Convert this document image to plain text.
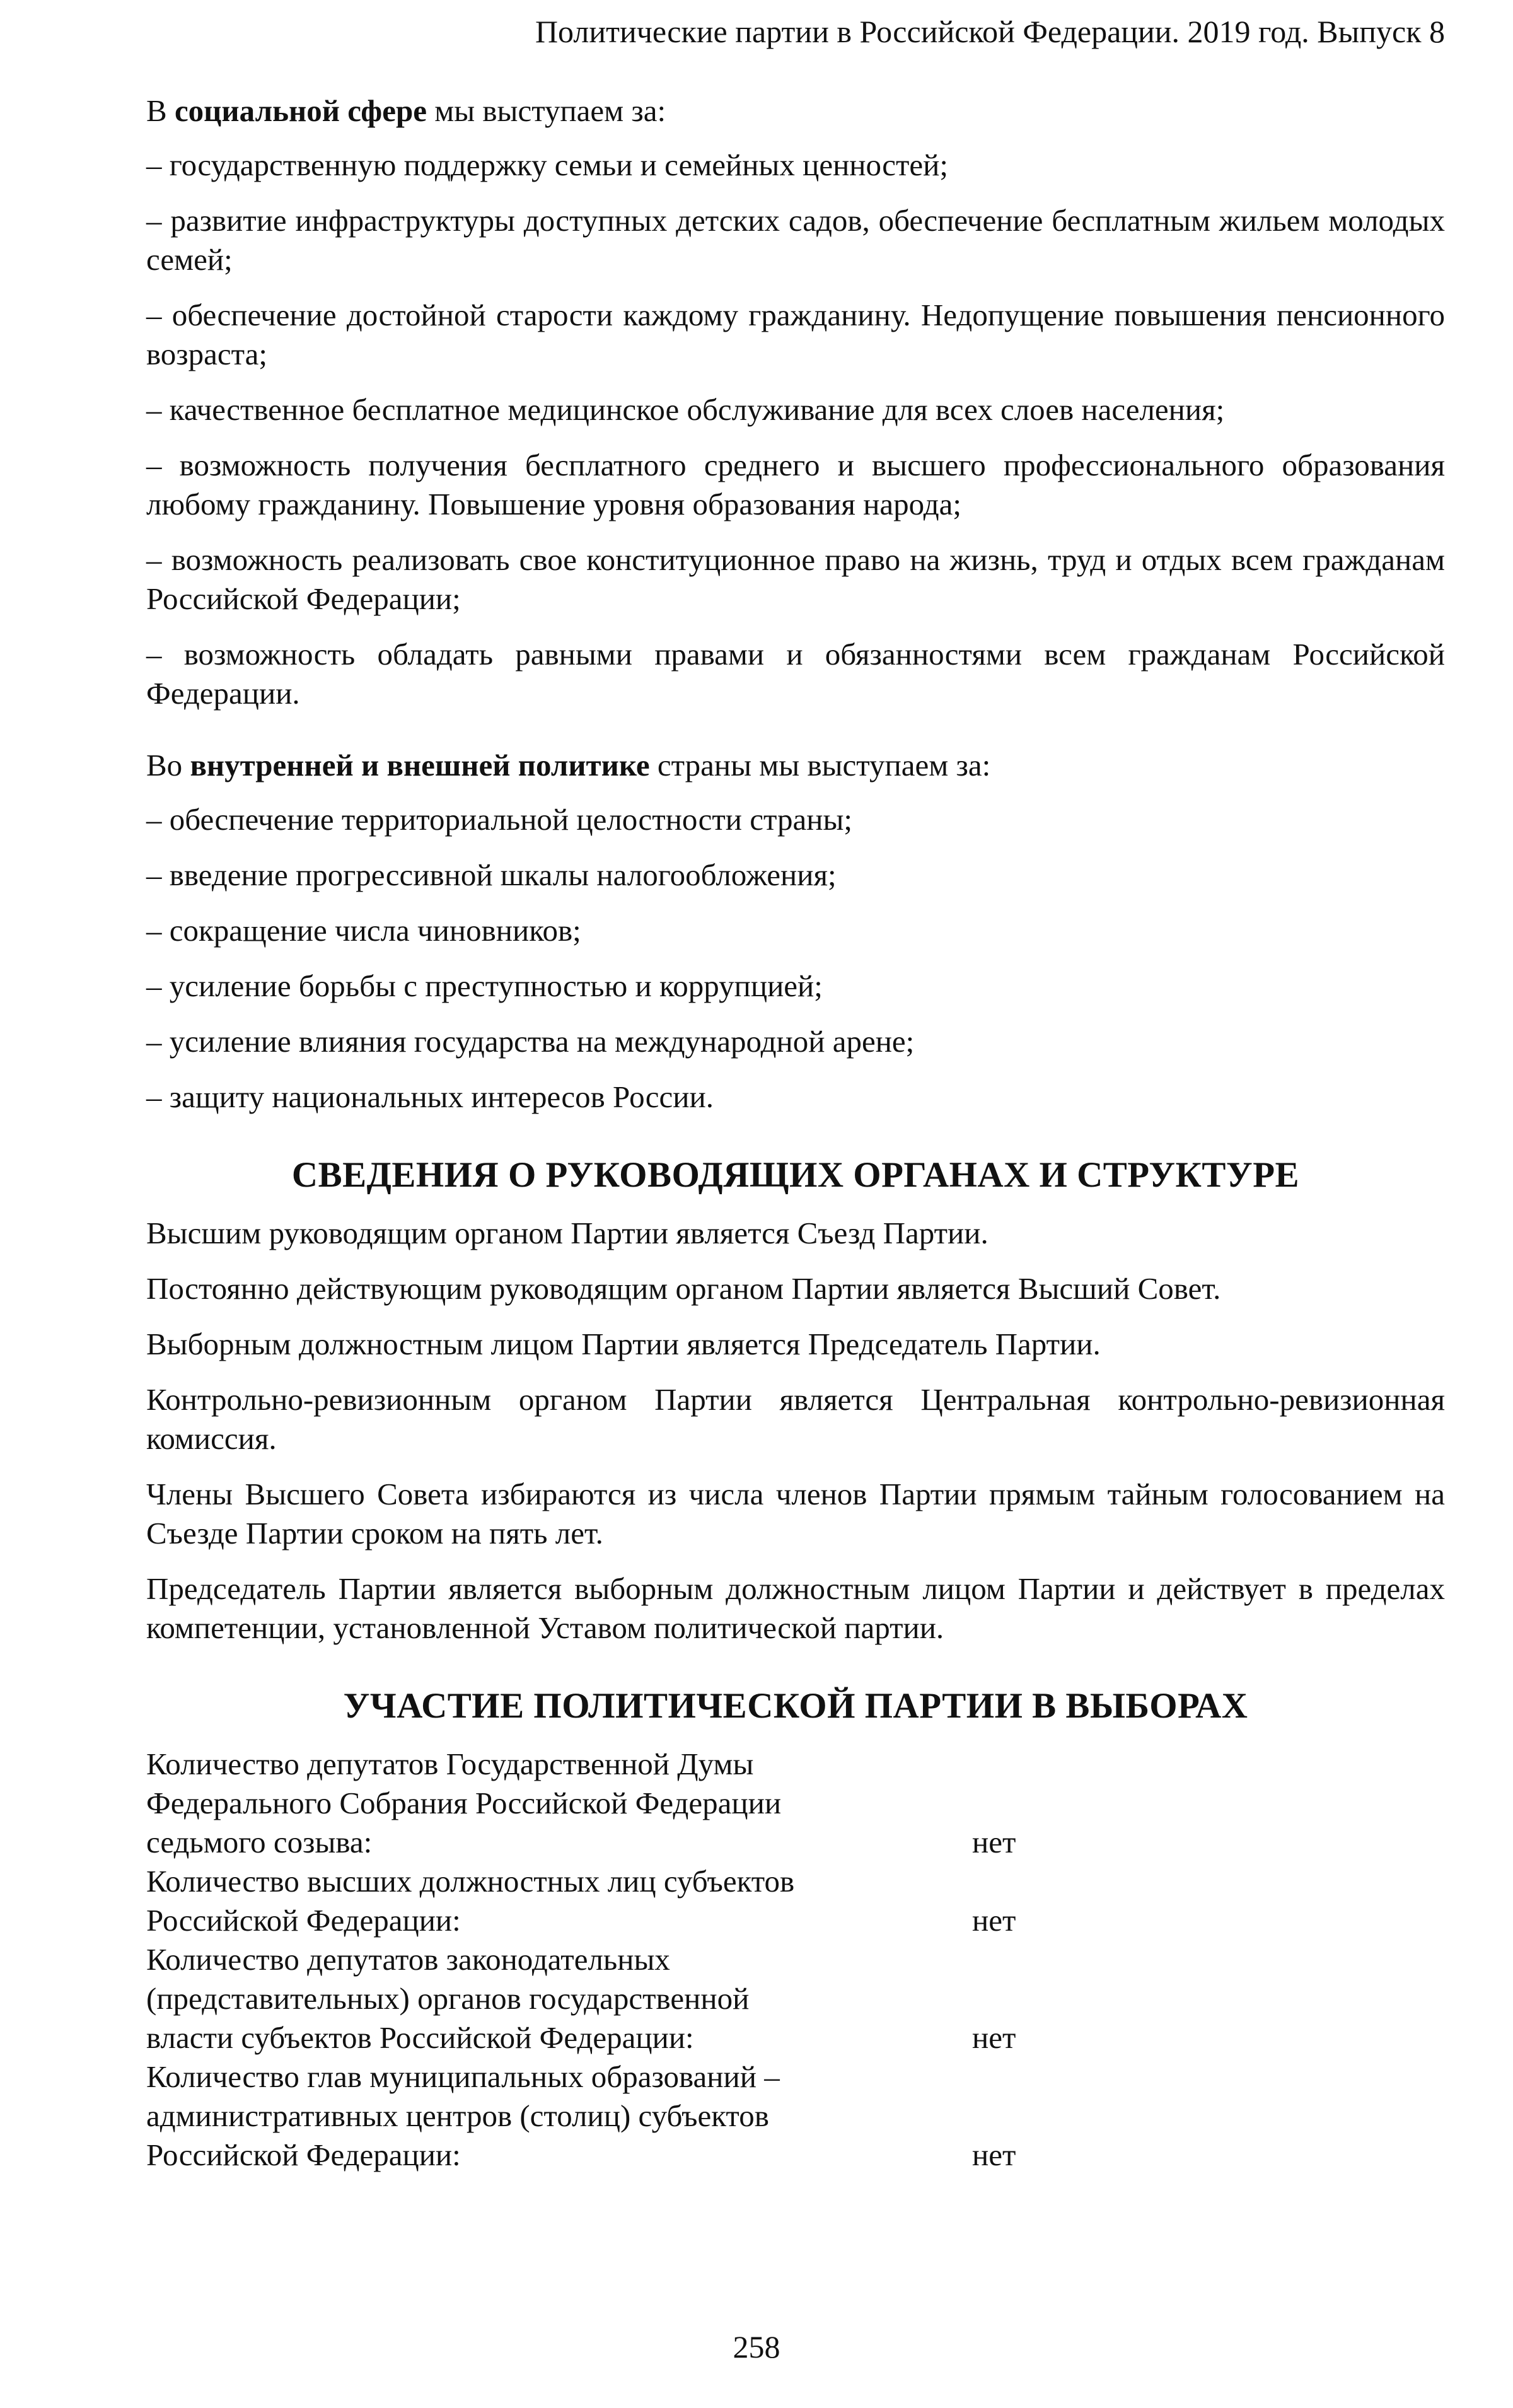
Политические партии в Российской Федерации. 2019 год. Выпуск 8

В социальной сфере мы выступаем за:

– государственную поддержку семьи и семейных ценностей;

– развитие инфраструктуры доступных детских садов, обеспечение бесплатным жильем молодых семей;

– обеспечение достойной старости каждому гражданину. Недопущение повышения пенсионного возраста;

– качественное бесплатное медицинское обслуживание для всех слоев населения;

– возможность получения бесплатного среднего и высшего профессионального образования любому гражданину. Повышение уровня образования народа;

– возможность реализовать свое конституционное право на жизнь, труд и отдых всем гражданам Российской Федерации;

– возможность обладать равными правами и обязанностями всем гражданам Российской Федерации.

Во внутренней и внешней политике страны мы выступаем за:

– обеспечение территориальной целостности страны;

– введение прогрессивной шкалы налогообложения;

– сокращение числа чиновников;

– усиление борьбы с преступностью и коррупцией;

– усиление влияния государства на международной арене;

– защиту национальных интересов России.

СВЕДЕНИЯ О РУКОВОДЯЩИХ ОРГАНАХ И СТРУКТУРЕ

Высшим руководящим органом Партии является Съезд Партии.

Постоянно действующим руководящим органом Партии является Высший Совет.

Выборным должностным лицом Партии является Председатель Партии.

Контрольно-ревизионным органом Партии является Центральная контрольно-ревизионная комиссия.

Члены Высшего Совета избираются из числа членов Партии прямым тайным голосованием на Съезде Партии сроком на пять лет.

Председатель Партии является выборным должностным лицом Партии и действует в пределах компетенции, установленной Уставом политической партии.

УЧАСТИЕ ПОЛИТИЧЕСКОЙ ПАРТИИ В ВЫБОРАХ
Количество депутатов Государственной Думы
Федерального Собрания Российской Федерации
седьмого созыва:	нет
Количество высших должностных лиц субъектов
Российской Федерации:	нет
Количество депутатов законодательных
(представительных) органов государственной
власти субъектов Российской Федерации:	нет
Количество глав муниципальных образований –
административных центров (столиц) субъектов
Российской Федерации:	нет
258
